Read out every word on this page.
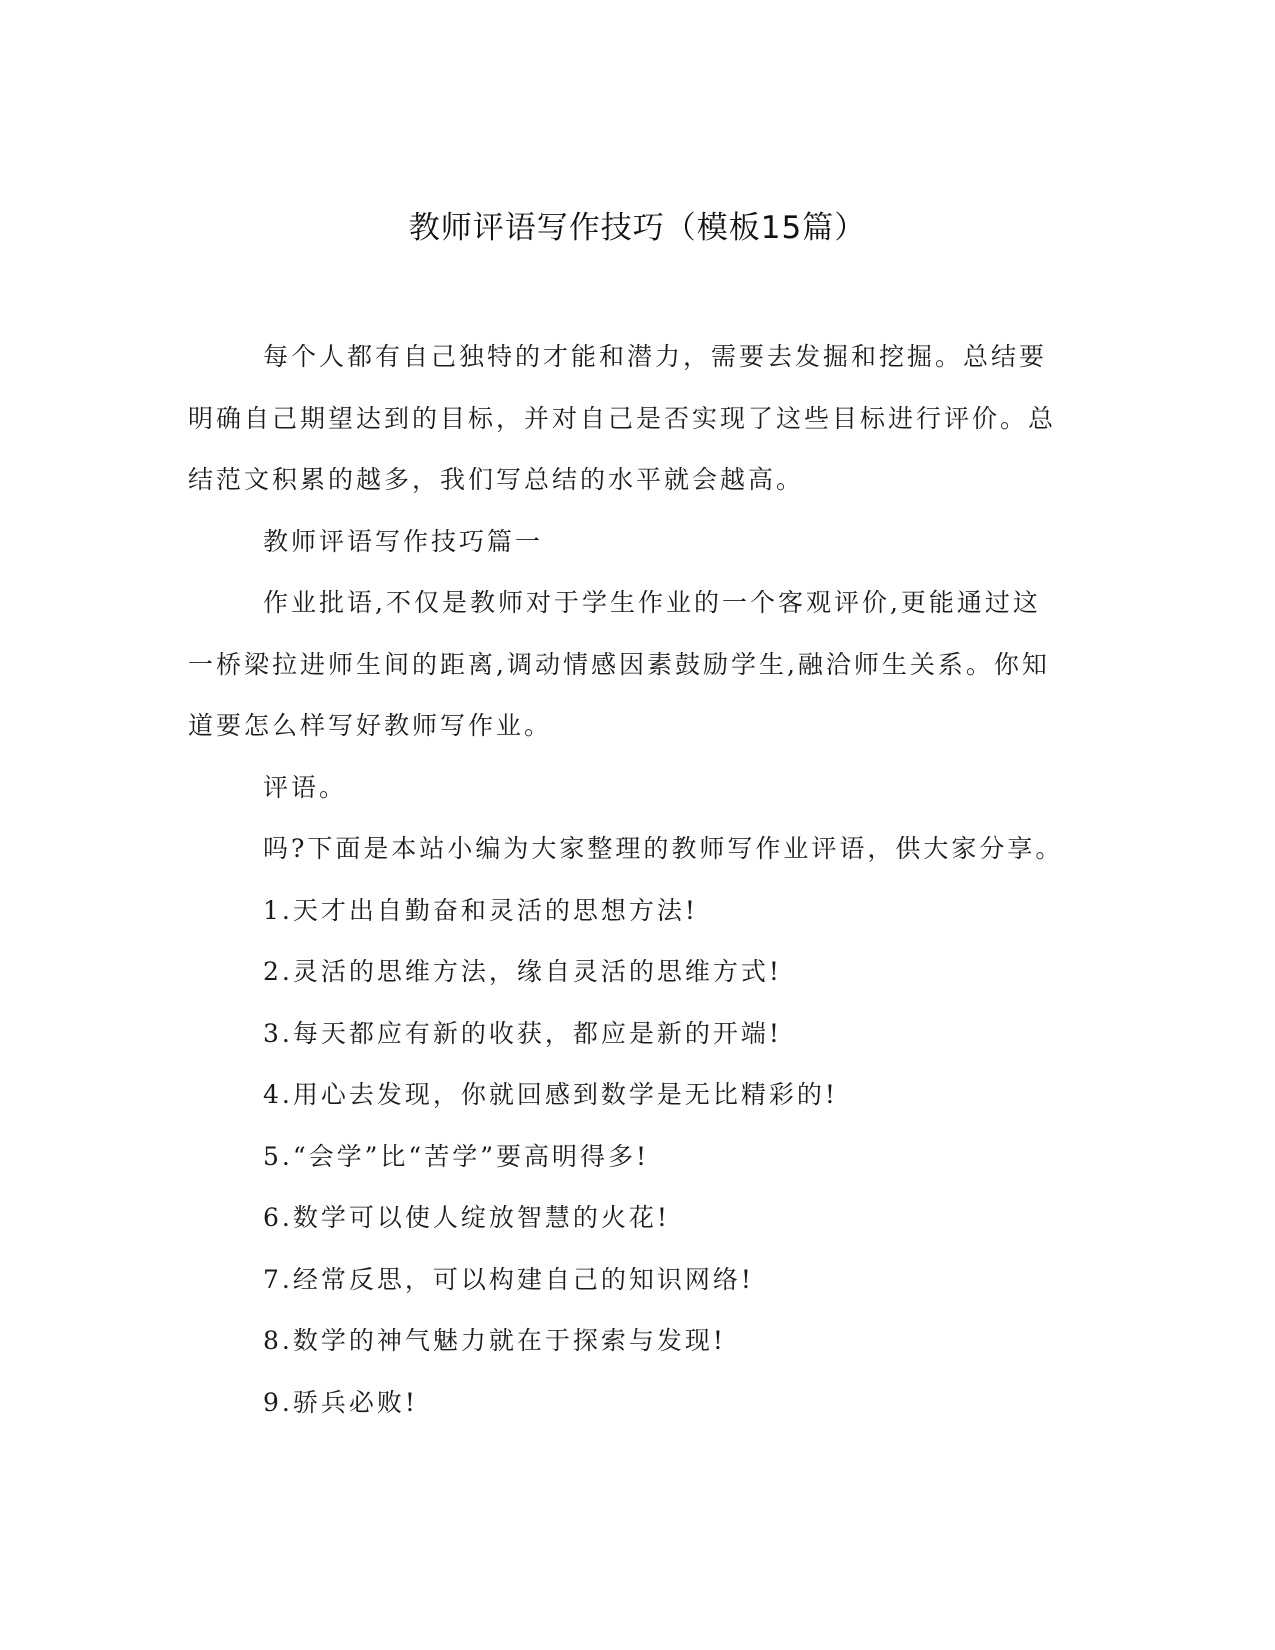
教师评语写作技巧（模板15篇）

每个人都有自己独特的才能和潜力，需要去发掘和挖掘。总结要明确自己期望达到的目标，并对自己是否实现了这些目标进行评价。总结范文积累的越多，我们写总结的水平就会越高。

教师评语写作技巧篇一

作业批语,不仅是教师对于学生作业的一个客观评价,更能通过这一桥梁拉进师生间的距离,调动情感因素鼓励学生,融洽师生关系。你知道要怎么样写好教师写作业。

评语。

吗?下面是本站小编为大家整理的教师写作业评语，供大家分享。

1.天才出自勤奋和灵活的思想方法!

2.灵活的思维方法，缘自灵活的思维方式!

3.每天都应有新的收获，都应是新的开端!

4.用心去发现，你就回感到数学是无比精彩的!

5.“会学”比“苦学”要高明得多!

6.数学可以使人绽放智慧的火花!

7.经常反思，可以构建自己的知识网络!

8.数学的神气魅力就在于探索与发现!

9.骄兵必败!
